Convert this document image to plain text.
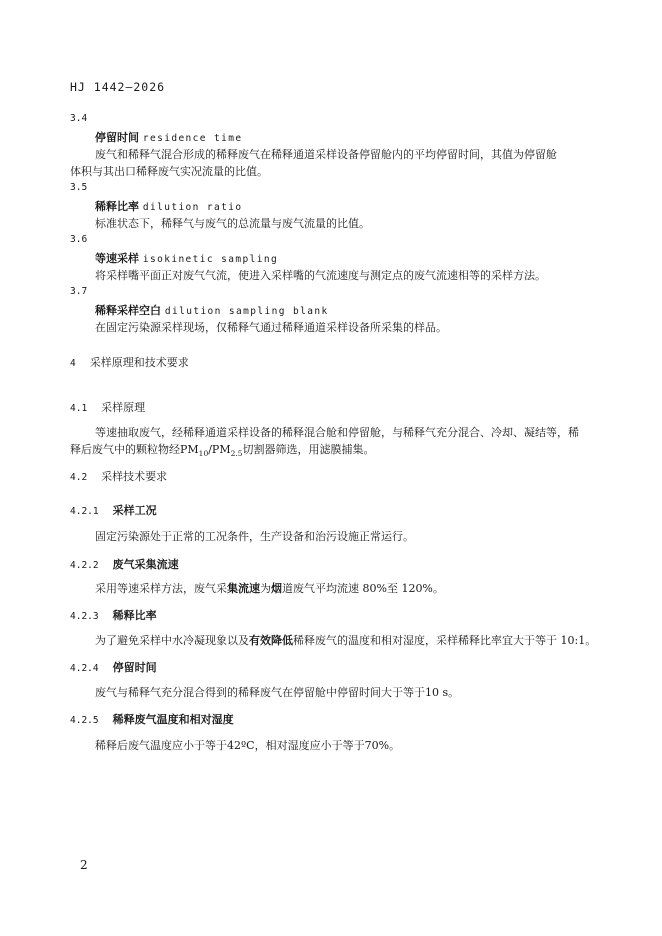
HJ 1442—2026
3.4
停留时间 residence time
废气和稀释气混合形成的稀释废气在稀释通道采样设备停留舱内的平均停留时间，其值为停留舱
体积与其出口稀释废气实况流量的比值。
3.5
稀释比率 dilution ratio
标准状态下，稀释气与废气的总流量与废气流量的比值。
3.6
等速采样 isokinetic sampling
将采样嘴平面正对废气气流，使进入采样嘴的气流速度与测定点的废气流速相等的采样方法。
3.7
稀释采样空白 dilution sampling blank
在固定污染源采样现场，仅稀释气通过稀释通道采样设备所采集的样品。
4 采样原理和技术要求
4.1 采样原理
等速抽取废气，经稀释通道采样设备的稀释混合舱和停留舱，与稀释气充分混合、冷却、凝结等，稀
释后废气中的颗粒物经$PM_{10}/PM_{2.5}$切割器筛选，用滤膜捕集。
4.2 采样技术要求
4.2.1 采样工况
固定污染源处于正常的工况条件，生产设备和治污设施正常运行。
4.2.2 废气采集流速
采用等速采样方法，废气采集流速为烟道废气平均流速 80%至 120%。
4.2.3 稀释比率
为了避免采样中水冷凝现象以及有效降低稀释废气的温度和相对湿度，采样稀释比率宜大于等于 10:1。
4.2.4 停留时间
废气与稀释气充分混合得到的稀释废气在停留舱中停留时间大于等于10 s。
4.2.5 稀释废气温度和相对湿度
稀释后废气温度应小于等于42ºC，相对湿度应小于等于70%。
2
